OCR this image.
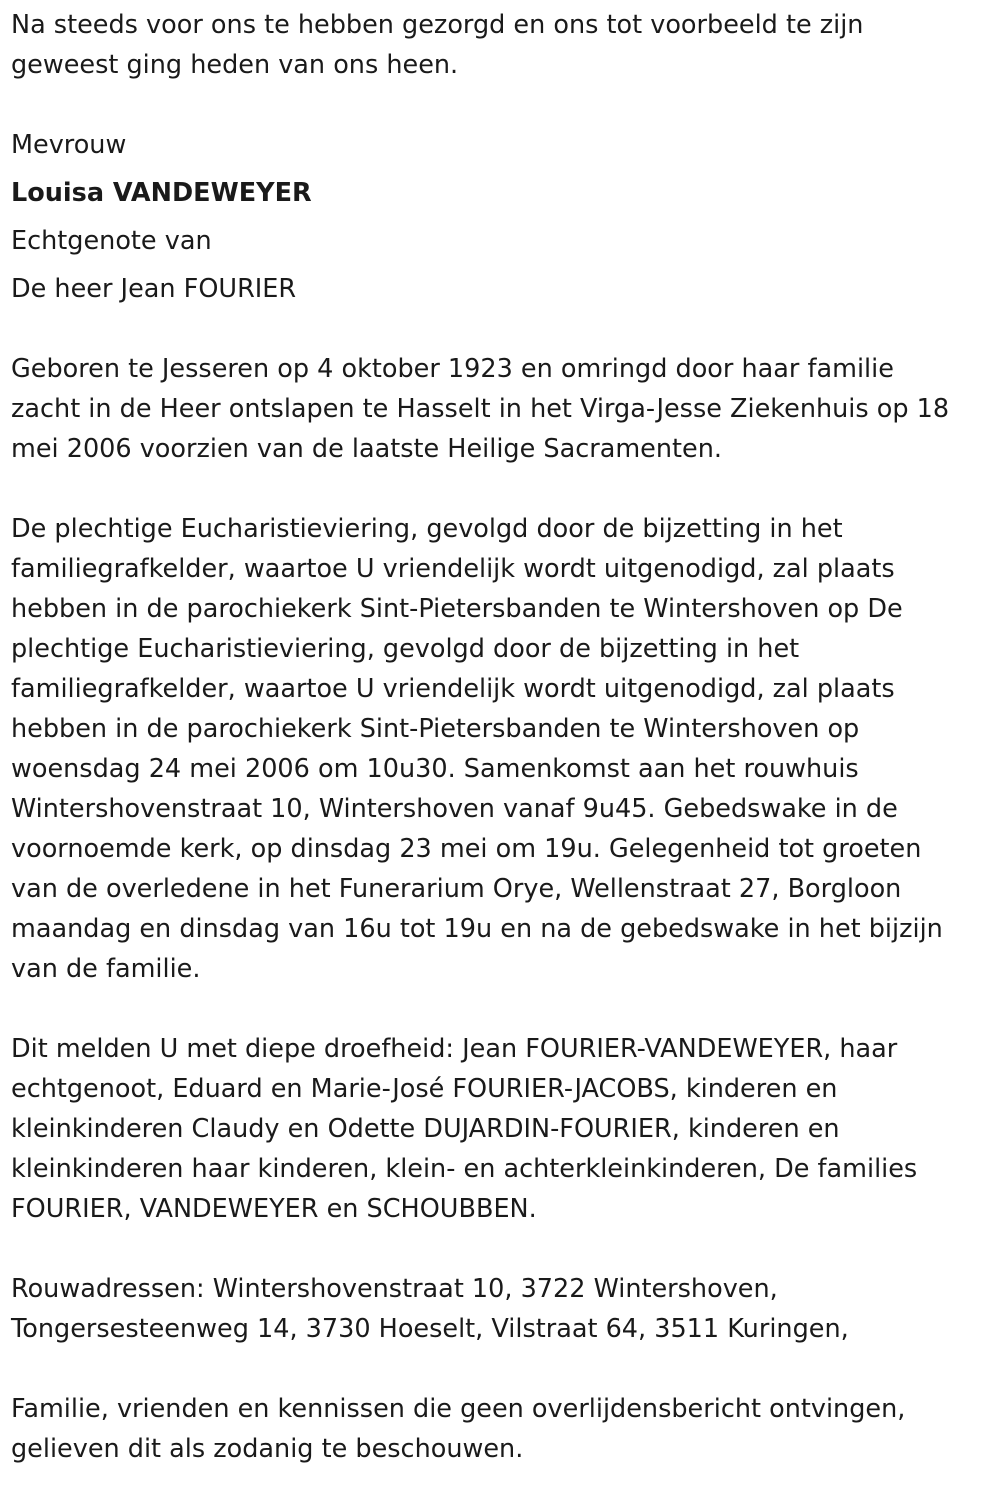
Na steeds voor ons te hebben gezorgd en ons tot voorbeeld te zijn
geweest ging heden van ons heen.
Mevrouw
Louisa VANDEWEYER
Echtgenote van
De heer Jean FOURIER
Geboren te Jesseren op 4 oktober 1923 en omringd door haar familie
zacht in de Heer ontslapen te Hasselt in het Virga-Jesse Ziekenhuis op 18
mei 2006 voorzien van de laatste Heilige Sacramenten.
De plechtige Eucharistieviering, gevolgd door de bijzetting in het
familiegrafkelder, waartoe U vriendelijk wordt uitgenodigd, zal plaats
hebben in de parochiekerk Sint-Pietersbanden te Wintershoven op De
plechtige Eucharistieviering, gevolgd door de bijzetting in het
familiegrafkelder, waartoe U vriendelijk wordt uitgenodigd, zal plaats
hebben in de parochiekerk Sint-Pietersbanden te Wintershoven op
woensdag 24 mei 2006 om 10u30. Samenkomst aan het rouwhuis
Wintershovenstraat 10, Wintershoven vanaf 9u45. Gebedswake in de
voornoemde kerk, op dinsdag 23 mei om 19u. Gelegenheid tot groeten
van de overledene in het Funerarium Orye, Wellenstraat 27, Borgloon
maandag en dinsdag van 16u tot 19u en na de gebedswake in het bijzijn
van de familie.
Dit melden U met diepe droefheid: Jean FOURIER-VANDEWEYER, haar
echtgenoot, Eduard en Marie-José FOURIER-JACOBS, kinderen en
kleinkinderen Claudy en Odette DUJARDIN-FOURIER, kinderen en
kleinkinderen haar kinderen, klein- en achterkleinkinderen, De families
FOURIER, VANDEWEYER en SCHOUBBEN.
Rouwadressen: Wintershovenstraat 10, 3722 Wintershoven,
Tongersesteenweg 14, 3730 Hoeselt, Vilstraat 64, 3511 Kuringen,
Familie, vrienden en kennissen die geen overlijdensbericht ontvingen,
gelieven dit als zodanig te beschouwen.
